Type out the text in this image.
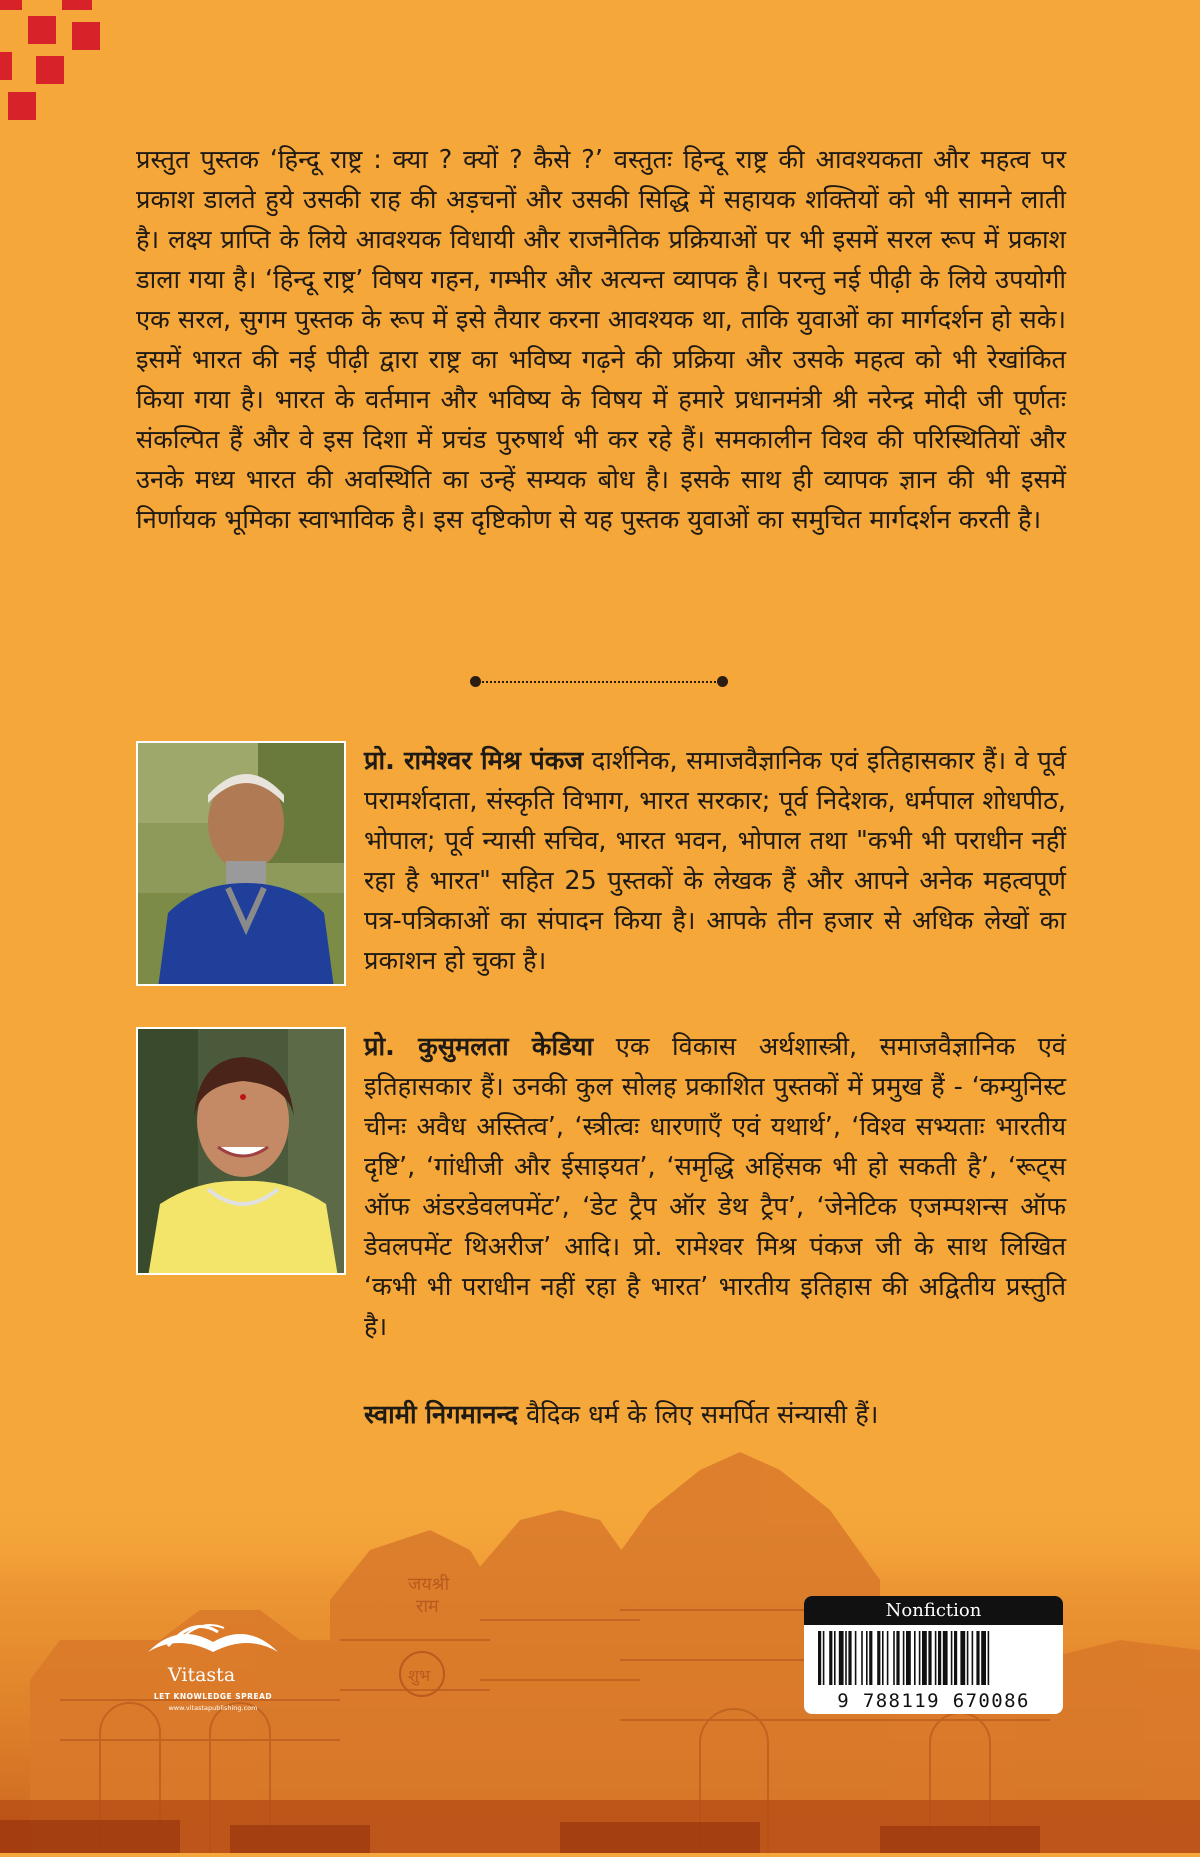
प्रस्तुत पुस्तक ‘हिन्दू राष्ट्र : क्या ? क्यों ? कैसे ?’ वस्तुतः हिन्दू राष्ट्र की आवश्यकता और महत्व पर प्रकाश डालते हुये उसकी राह की अड़चनों और उसकी सिद्धि में सहायक शक्तियों को भी सामने लाती है। लक्ष्य प्राप्ति के लिये आवश्यक विधायी और राजनैतिक प्रक्रियाओं पर भी इसमें सरल रूप में प्रकाश डाला गया है। ‘हिन्दू राष्ट्र’ विषय गहन, गम्भीर और अत्यन्त व्यापक है। परन्तु नई पीढ़ी के लिये उपयोगी एक सरल, सुगम पुस्तक के रूप में इसे तैयार करना आवश्यक था, ताकि युवाओं का मार्गदर्शन हो सके। इसमें भारत की नई पीढ़ी द्वारा राष्ट्र का भविष्य गढ़ने की प्रक्रिया और उसके महत्व को भी रेखांकित किया गया है। भारत के वर्तमान और भविष्य के विषय में हमारे प्रधानमंत्री श्री नरेन्द्र मोदी जी पूर्णतः संकल्पित हैं और वे इस दिशा में प्रचंड पुरुषार्थ भी कर रहे हैं। समकालीन विश्व की परिस्थितियों और उनके मध्य भारत की अवस्थिति का उन्हें सम्यक बोध है। इसके साथ ही व्यापक ज्ञान की भी इसमें निर्णायक भूमिका स्वाभाविक है। इस दृष्टिकोण से यह पुस्तक युवाओं का समुचित मार्गदर्शन करती है।
प्रो. रामेश्वर मिश्र पंकज दार्शनिक, समाजवैज्ञानिक एवं इतिहासकार हैं। वे पूर्व परामर्शदाता, संस्कृति विभाग, भारत सरकार; पूर्व निदेशक, धर्मपाल शोधपीठ, भोपाल; पूर्व न्यासी सचिव, भारत भवन, भोपाल तथा "कभी भी पराधीन नहीं रहा है भारत" सहित 25 पुस्तकों के लेखक हैं और आपने अनेक महत्वपूर्ण पत्र-पत्रिकाओं का संपादन किया है। आपके तीन हजार से अधिक लेखों का प्रकाशन हो चुका है।
प्रो. कुसुमलता केडिया एक विकास अर्थशास्त्री, समाजवैज्ञानिक एवं इतिहासकार हैं। उनकी कुल सोलह प्रकाशित पुस्तकों में प्रमुख हैं - ‘कम्युनिस्ट चीनः अवैध अस्तित्व’, ‘स्त्रीत्वः धारणाएँ एवं यथार्थ’, ‘विश्व सभ्यताः भारतीय दृष्टि’, ‘गांधीजी और ईसाइयत’, ‘समृद्धि अहिंसक भी हो सकती है’, ‘रूट्स ऑफ अंडरडेवलपमेंट’, ‘डेट ट्रैप ऑर डेथ ट्रैप’, ‘जेनेटिक एजम्पशन्स ऑफ डेवलपमेंट थिअरीज’ आदि। प्रो. रामेश्वर मिश्र पंकज जी के साथ लिखित ‘कभी भी पराधीन नहीं रहा है भारत’ भारतीय इतिहास की अद्वितीय प्रस्तुति है।
स्वामी निगमानन्द वैदिक धर्म के लिए समर्पित संन्यासी हैं।
जयश्री
राम
शुभ
Vitasta
LET KNOWLEDGE SPREAD
www.vitastapublishing.com
Nonfiction
9 788119 670086
